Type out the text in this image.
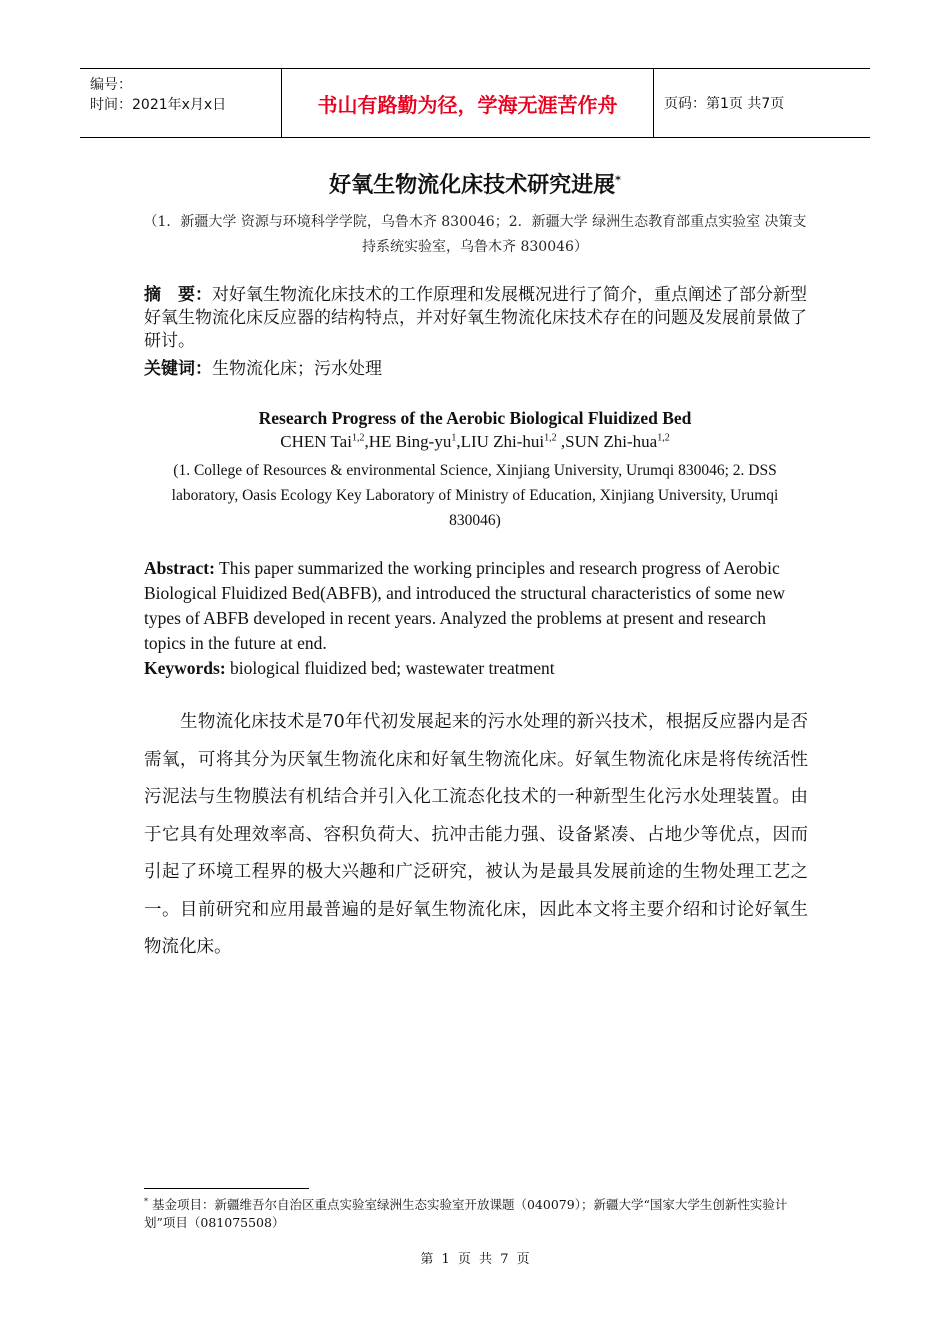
编号：
时间：2021年x月x日	书山有路勤为径，学海无涯苦作舟	页码：第1页 共7页
好氧生物流化床技术研究进展*
（1．新疆大学 资源与环境科学学院，乌鲁木齐 830046；2．新疆大学 绿洲生态教育部重点实验室 决策支持系统实验室，乌鲁木齐 830046）
摘　要：对好氧生物流化床技术的工作原理和发展概况进行了简介，重点阐述了部分新型好氧生物流化床反应器的结构特点，并对好氧生物流化床技术存在的问题及发展前景做了研讨。
关键词：生物流化床；污水处理
Research Progress of the Aerobic Biological Fluidized Bed
CHEN Tai$^{1,2}$,HE Bing-$yu^1,LIU$ Zhi-hui$^{1,2}$ ,SUN Zhi-hua$^{1,2}$
(1. College of Resources & environmental Science, Xinjiang University, Urumqi 830046; 2. DSS laboratory, Oasis Ecology Key Laboratory of Ministry of Education, Xinjiang University, Urumqi 830046)
Abstract: This paper summarized the working principles and research progress of Aerobic Biological Fluidized Bed(ABFB), and introduced the structural characteristics of some new types of ABFB developed in recent years. Analyzed the problems at present and research topics in the future at end.
Keywords: biological fluidized bed; wastewater treatment
生物流化床技术是70年代初发展起来的污水处理的新兴技术，根据反应器内是否需氧，可将其分为厌氧生物流化床和好氧生物流化床。好氧生物流化床是将传统活性污泥法与生物膜法有机结合并引入化工流态化技术的一种新型生化污水处理装置。由于它具有处理效率高、容积负荷大、抗冲击能力强、设备紧凑、占地少等优点，因而引起了环境工程界的极大兴趣和广泛研究，被认为是最具发展前途的生物处理工艺之一。目前研究和应用最普遍的是好氧生物流化床，因此本文将主要介绍和讨论好氧生物流化床。
* 基金项目：新疆维吾尔自治区重点实验室绿洲生态实验室开放课题（040079）；新疆大学“国家大学生创新性实验计划”项目（081075508）
第 1 页 共 7 页
